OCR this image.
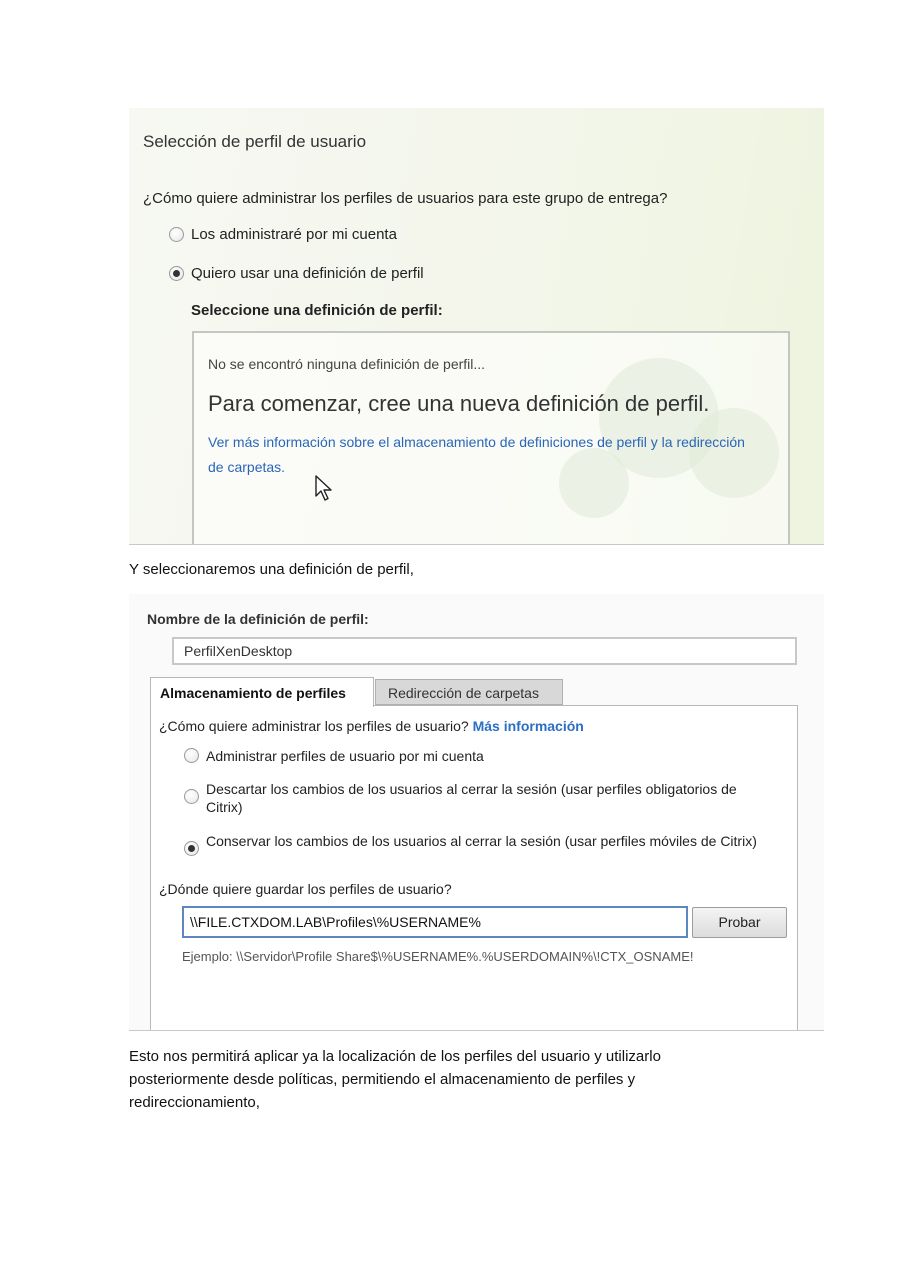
Selección de perfil de usuario
¿Cómo quiere administrar los perfiles de usuarios para este grupo de entrega?
Los administraré por mi cuenta
Quiero usar una definición de perfil
Seleccione una definición de perfil:
No se encontró ninguna definición de perfil...
Para comenzar, cree una nueva definición de perfil.
Ver más información sobre el almacenamiento de definiciones de perfil y la redirección de carpetas.
Y seleccionaremos una definición de perfil,
Nombre de la definición de perfil:
PerfilXenDesktop
Almacenamiento de perfiles	Redirección de carpetas
¿Cómo quiere administrar los perfiles de usuario? Más información
Administrar perfiles de usuario por mi cuenta
Descartar los cambios de los usuarios al cerrar la sesión (usar perfiles obligatorios de Citrix)
Conservar los cambios de los usuarios al cerrar la sesión (usar perfiles móviles de Citrix)
¿Dónde quiere guardar los perfiles de usuario?
\\FILE.CTXDOM.LAB\Profiles\%USERNAME%	Probar
Ejemplo: \\Servidor\Profile Share$\%USERNAME%.%USERDOMAIN%\!CTX_OSNAME!
Esto nos permitirá aplicar ya la localización de los perfiles del usuario y utilizarlo posteriormente desde políticas, permitiendo el almacenamiento de perfiles y redireccionamiento,
